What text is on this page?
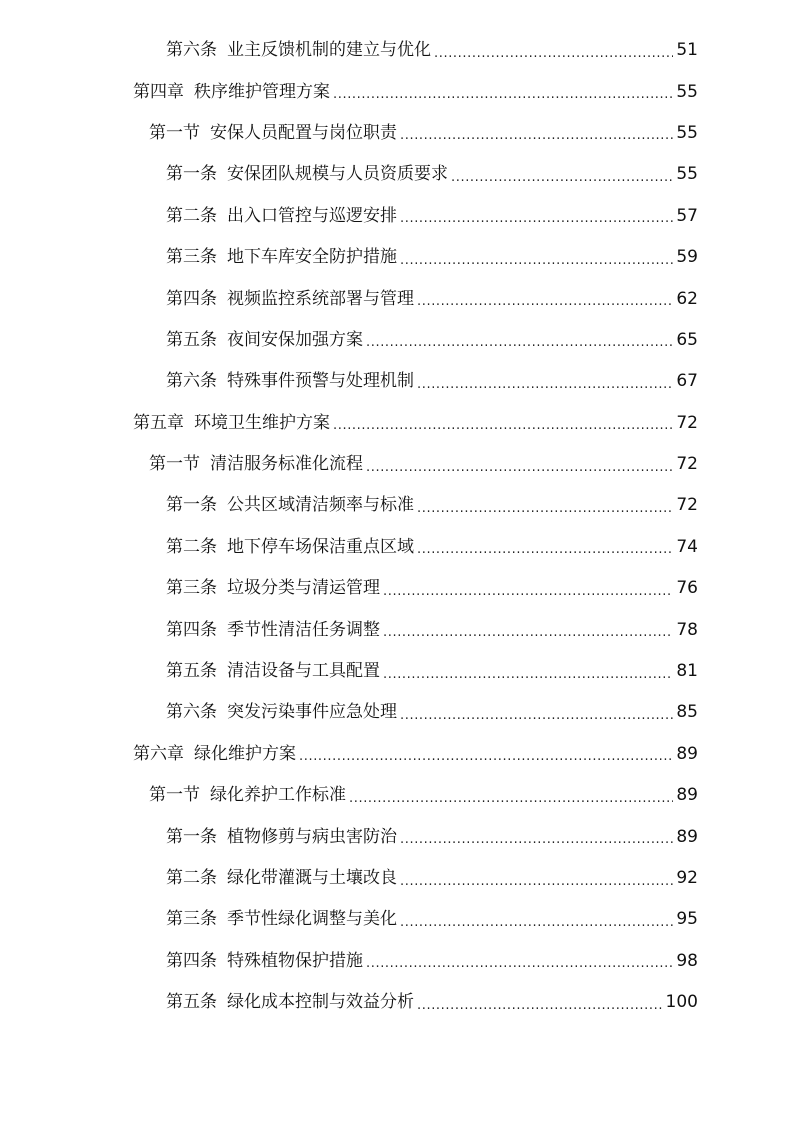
第六条 业主反馈机制的建立与优化 .....	51
第四章 秩序维护管理方案 .....	55
第一节 安保人员配置与岗位职责 .....	55
第一条 安保团队规模与人员资质要求 .....	55
第二条 出入口管控与巡逻安排 .....	57
第三条 地下车库安全防护措施 .....	59
第四条 视频监控系统部署与管理 .....	62
第五条 夜间安保加强方案 .....	65
第六条 特殊事件预警与处理机制 .....	67
第五章 环境卫生维护方案 .....	72
第一节 清洁服务标准化流程 .....	72
第一条 公共区域清洁频率与标准 .....	72
第二条 地下停车场保洁重点区域 .....	74
第三条 垃圾分类与清运管理 .....	76
第四条 季节性清洁任务调整 .....	78
第五条 清洁设备与工具配置 .....	81
第六条 突发污染事件应急处理 .....	85
第六章 绿化维护方案 .....	89
第一节 绿化养护工作标准 .....	89
第一条 植物修剪与病虫害防治 .....	89
第二条 绿化带灌溉与土壤改良 .....	92
第三条 季节性绿化调整与美化 .....	95
第四条 特殊植物保护措施 .....	98
第五条 绿化成本控制与效益分析 .....	100
